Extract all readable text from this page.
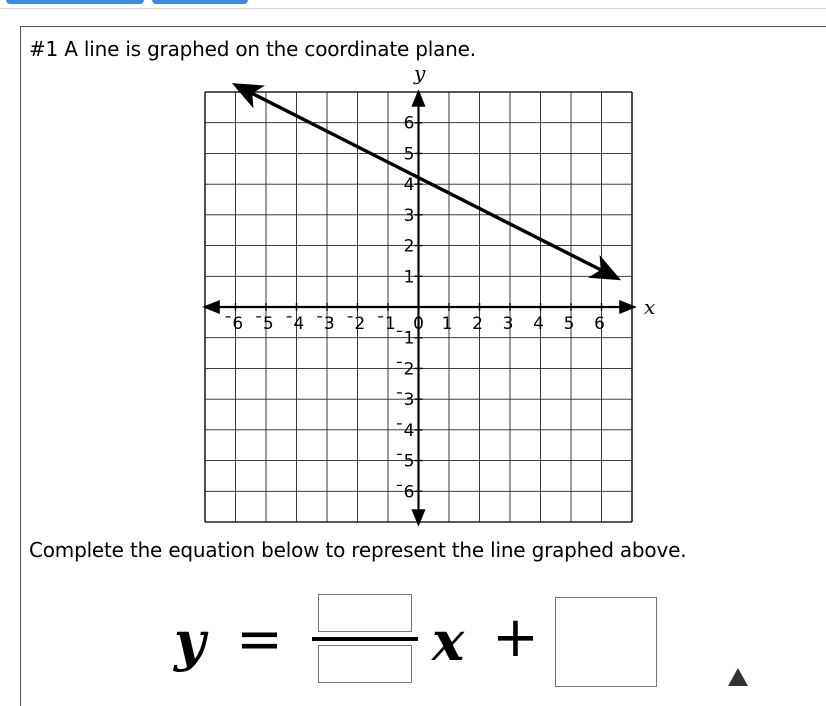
#1 A line is graphed on the coordinate plane.
¯6 ¯5 ¯4 ¯3 ¯2 ¯1 0 1 2 3 4 5 6
6
5
4
3
2
1
¯1
¯2
¯3
¯4
¯5
¯6
x
y
Complete the equation below to represent the line graphed above.
y =	x +
